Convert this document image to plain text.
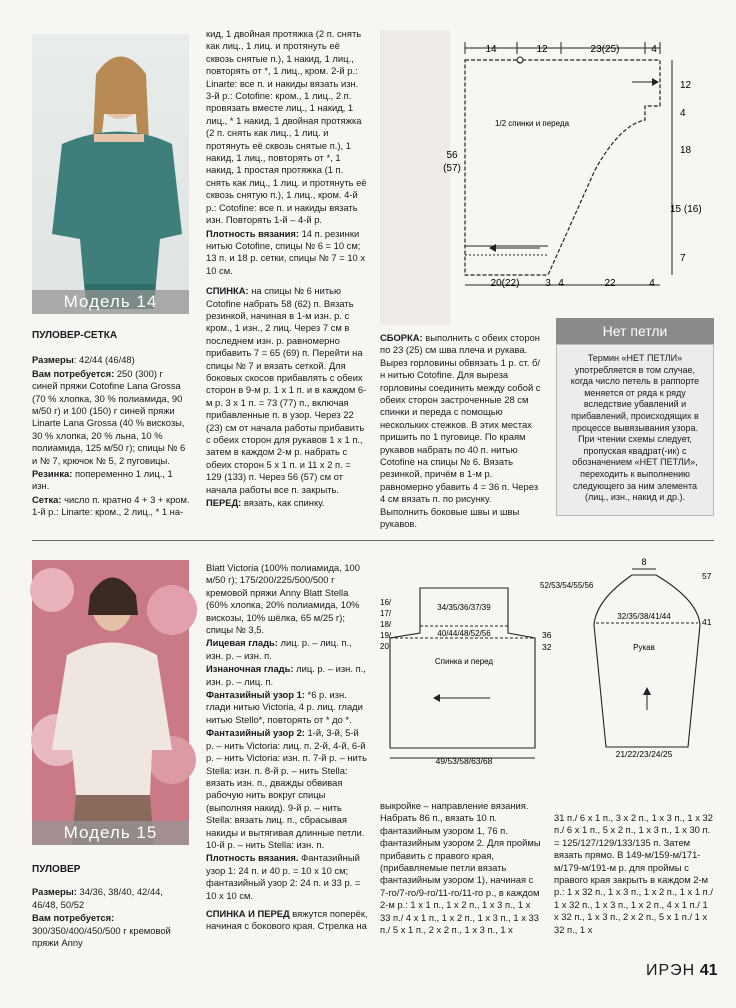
Модель 14

ПУЛОВЕР-СЕТКА

Размеры: 42/44 (46/48)

Вам потребуется: 250 (300) г синей пряжи Cotofine Lana Grossa (70 % хлопка, 30 % полиамида, 90 м/50 г) и 100 (150) г синей пряжи Linarte Lana Grossa (40 % вискозы, 30 % хлопка, 20 % льна, 10 % полиамида, 125 м/50 г); спицы № 6 и № 7, крючок № 5, 2 пуговицы.

Резинка: попеременно 1 лиц., 1 изн.

Сетка: число п. кратно 4 + 3 + кром. 1-й р.: Linarte: кром., 2 лиц., * 1 на-

кид, 1 двойная протяжка (2 п. снять как лиц., 1 лиц. и протянуть её сквозь снятые п.), 1 накид, 1 лиц., повторять от *, 1 лиц., кром. 2-й р.: Linarte: все п. и накиды вязать изн. 3-й р.: Cotofine: кром., 1 лиц., 2 п. провязать вместе лиц., 1 накид, 1 лиц., * 1 накид, 1 двойная протяжка (2 п. снять как лиц., 1 лиц. и протянуть её сквозь снятые п.), 1 накид, 1 лиц., повторять от *, 1 накид, 1 простая протяжка (1 п. снять как лиц., 1 лиц. и протянуть её сквозь снятую п.), 1 лиц., кром. 4-й р.: Cotofine: все п. и накиды вязать изн. Повторять 1-й – 4-й р.

Плотность вязания: 14 п. резинки нитью Cotofine, спицы № 6 = 10 см; 13 п. и 18 р. сетки, спицы № 7 = 10 x 10 см.

СПИНКА: на спицы № 6 нитью Cotofine набрать 58 (62) п. Вязать резинкой, начиная в 1-м изн. р. с кром., 1 изн., 2 лиц. Через 7 см в последнем изн. р. равномерно прибавить 7 = 65 (69) п. Перейти на спицы № 7 и вязать сеткой. Для боковых скосов прибавлять с обеих сторон в 9-м р. 1 x 1 п. и в каждом 6-м р. 3 x 1 п. = 73 (77) п., включая прибавленные п. в узор. Через 22 (23) см от начала работы прибавить с обеих сторон для рукавов 1 x 1 п., затем в каждом 2-м р. набрать с обеих сторон 5 x 1 п. и 11 x 2 п. = 129 (133) п. Через 56 (57) см от начала работы все п. закрыть.

ПЕРЕД: вязать, как спинку.

14	12	23(25)	4
1/2 спинки и переда
56
(57)
12
4
18
15 (16)
7
20(22)	3 4	22	4

СБОРКА: выполнить с обеих сторон по 23 (25) см шва плеча и рукава. Вырез горловины обвязать 1 р. ст. б/н нитью Cotofine. Для выреза горловины соединить между собой с обеих сторон застроченные 28 см спинки и переда с помощью нескольких стежков. В этих местах пришить по 1 пуговице. По краям рукавов набрать по 40 п. нитью Cotofine на спицы № 6. Вязать резинкой, причём в 1-м р. равномерно убавить 4 = 36 п. Через 4 см вязать п. по рисунку. Выполнить боковые швы и швы рукавов.

Нет петли
Термин «НЕТ ПЕТЛИ» употребляется в том случае, когда число петель в раппорте меняется от ряда к ряду вследствие убавлений и прибавлений, происходящих в процессе вывязывания узора. При чтении схемы следует, пропуская квадрат(-ик) с обозначением «НЕТ ПЕТЛИ», переходить к выполнению следующего за ним элемента (лиц., изн., накид и др.).
Модель 15

ПУЛОВЕР

Размеры: 34/36, 38/40, 42/44, 46/48, 50/52

Вам потребуется: 300/350/400/450/500 г кремовой пряжи Anny

Blatt Victoria (100% полиамида, 100 м/50 г); 175/200/225/500/500 г кремовой пряжи Anny Blatt Stella (60% хлопка, 20% полиамида, 10% вискозы, 10% шёлка, 65 м/25 г); спицы № 3,5.

Лицевая гладь: лиц. р. – лиц. п., изн. р. – изн. п.

Изнаночная гладь: лиц. р. – изн. п., изн. р. – лиц. п.

Фантазийный узор 1: *6 р. изн. глади нитью Victoria, 4 р. лиц. глади нитью Stello*, повторять от * до *.

Фантазийный узор 2: 1-й, 3-й, 5-й р. – нить Victoria: лиц. п. 2-й, 4-й, 6-й р. – нить Victoria: изн. п. 7-й р. – нить Stella: изн. п. 8-й р. – нить Stella: вязать изн. п., дважды обвивая рабочую нить вокруг спицы (выполняя накид). 9-й р. – нить Stella: вязать лиц. п., сбрасывая накиды и вытягивая длинные петли. 10-й р. – нить Stella: изн. п.

Плотность вязания. Фантазийный узор 1: 24 п. и 40 р. = 10 x 10 см; фантазийный узор 2: 24 п. и 33 р. = 10 x 10 см.

СПИНКА И ПЕРЕД вяжутся поперёк, начиная с бокового края. Стрелка на

34/35/36/37/39
40/44/48/52/56
Спинка и перед
49/53/58/63/68
52/53/54/55/56
16/
17/
18/
19/
20
36
32
8
32/35/38/41/44
Рукав
21/22/23/24/25
57
41

выкройке – направление вязания. Набрать 86 п., вязать 10 п. фантазийным узором 1, 76 п. фантазийным узором 2. Для проймы прибавить с правого края, (прибавляемые петли вязать фантазийным узором 1), начиная с 7-го/7-го/9-го/11-го/11-го р., в каждом 2-м р.: 1 x 1 п., 1 x 2 п., 1 x 3 п., 1 x 33 п./ 4 x 1 п., 1 x 2 п., 1 x 3 п., 1 x 33 п./ 5 x 1 п., 2 x 2 п., 1 x 3 п., 1 x

31 п./ 6 x 1 п., 3 x 2 п., 1 x 3 п., 1 x 32 п./ 6 x 1 п., 5 x 2 п., 1 x 3 п., 1 x 30 п. = 125/127/129/133/135 п. Затем вязать прямо. В 149-м/159-м/171-м/179-м/191-м р. для проймы с правого края закрыть в каждом 2-м р.: 1 x 32 п., 1 x 3 п., 1 x 2 п., 1 x 1 п./ 1 x 32 п., 1 x 3 п., 1 x 2 п., 4 x 1 п./ 1 x 32 п., 1 x 3 п., 2 x 2 п., 5 x 1 п./ 1 x 32 п., 1 x

ИРЭН 41
